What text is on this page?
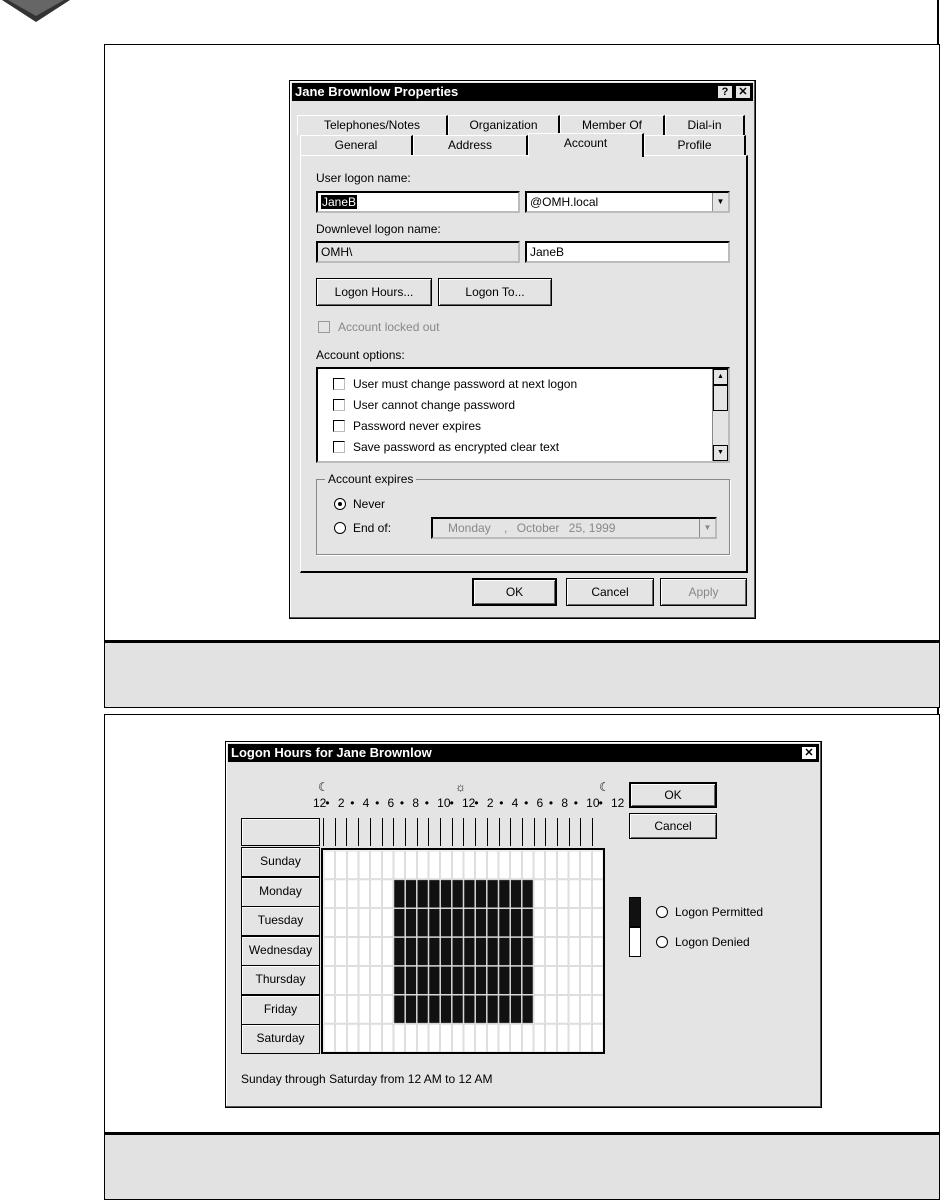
Jane Brownlow Properties	? ✕
Telephones/Notes	Organization	Member Of	Dial-in
General	Address	Account	Profile
User logon name:
JaneB	@OMH.local	▼
Downlevel logon name:
OMH\	JaneB
Logon Hours...	Logon To...
Account locked out
Account options:
▲
▼
User must change password at next logon
User cannot change password
Password never expires
Save password as encrypted clear text
Account expires
Never
End of:	Monday , October 25, 1999	▼
OK	Cancel	Apply
Logon Hours for Jane Brownlow	✕
☾	☼	☾
12 • 2 • 4 • 6 • 8 • 10 • 12 • 2 • 4 • 6 • 8 • 10 • 12
Sunday
Monday
Tuesday
Wednesday
Thursday
Friday
Saturday
OK
Cancel
Logon Permitted
Logon Denied
Sunday through Saturday from 12 AM to 12 AM
